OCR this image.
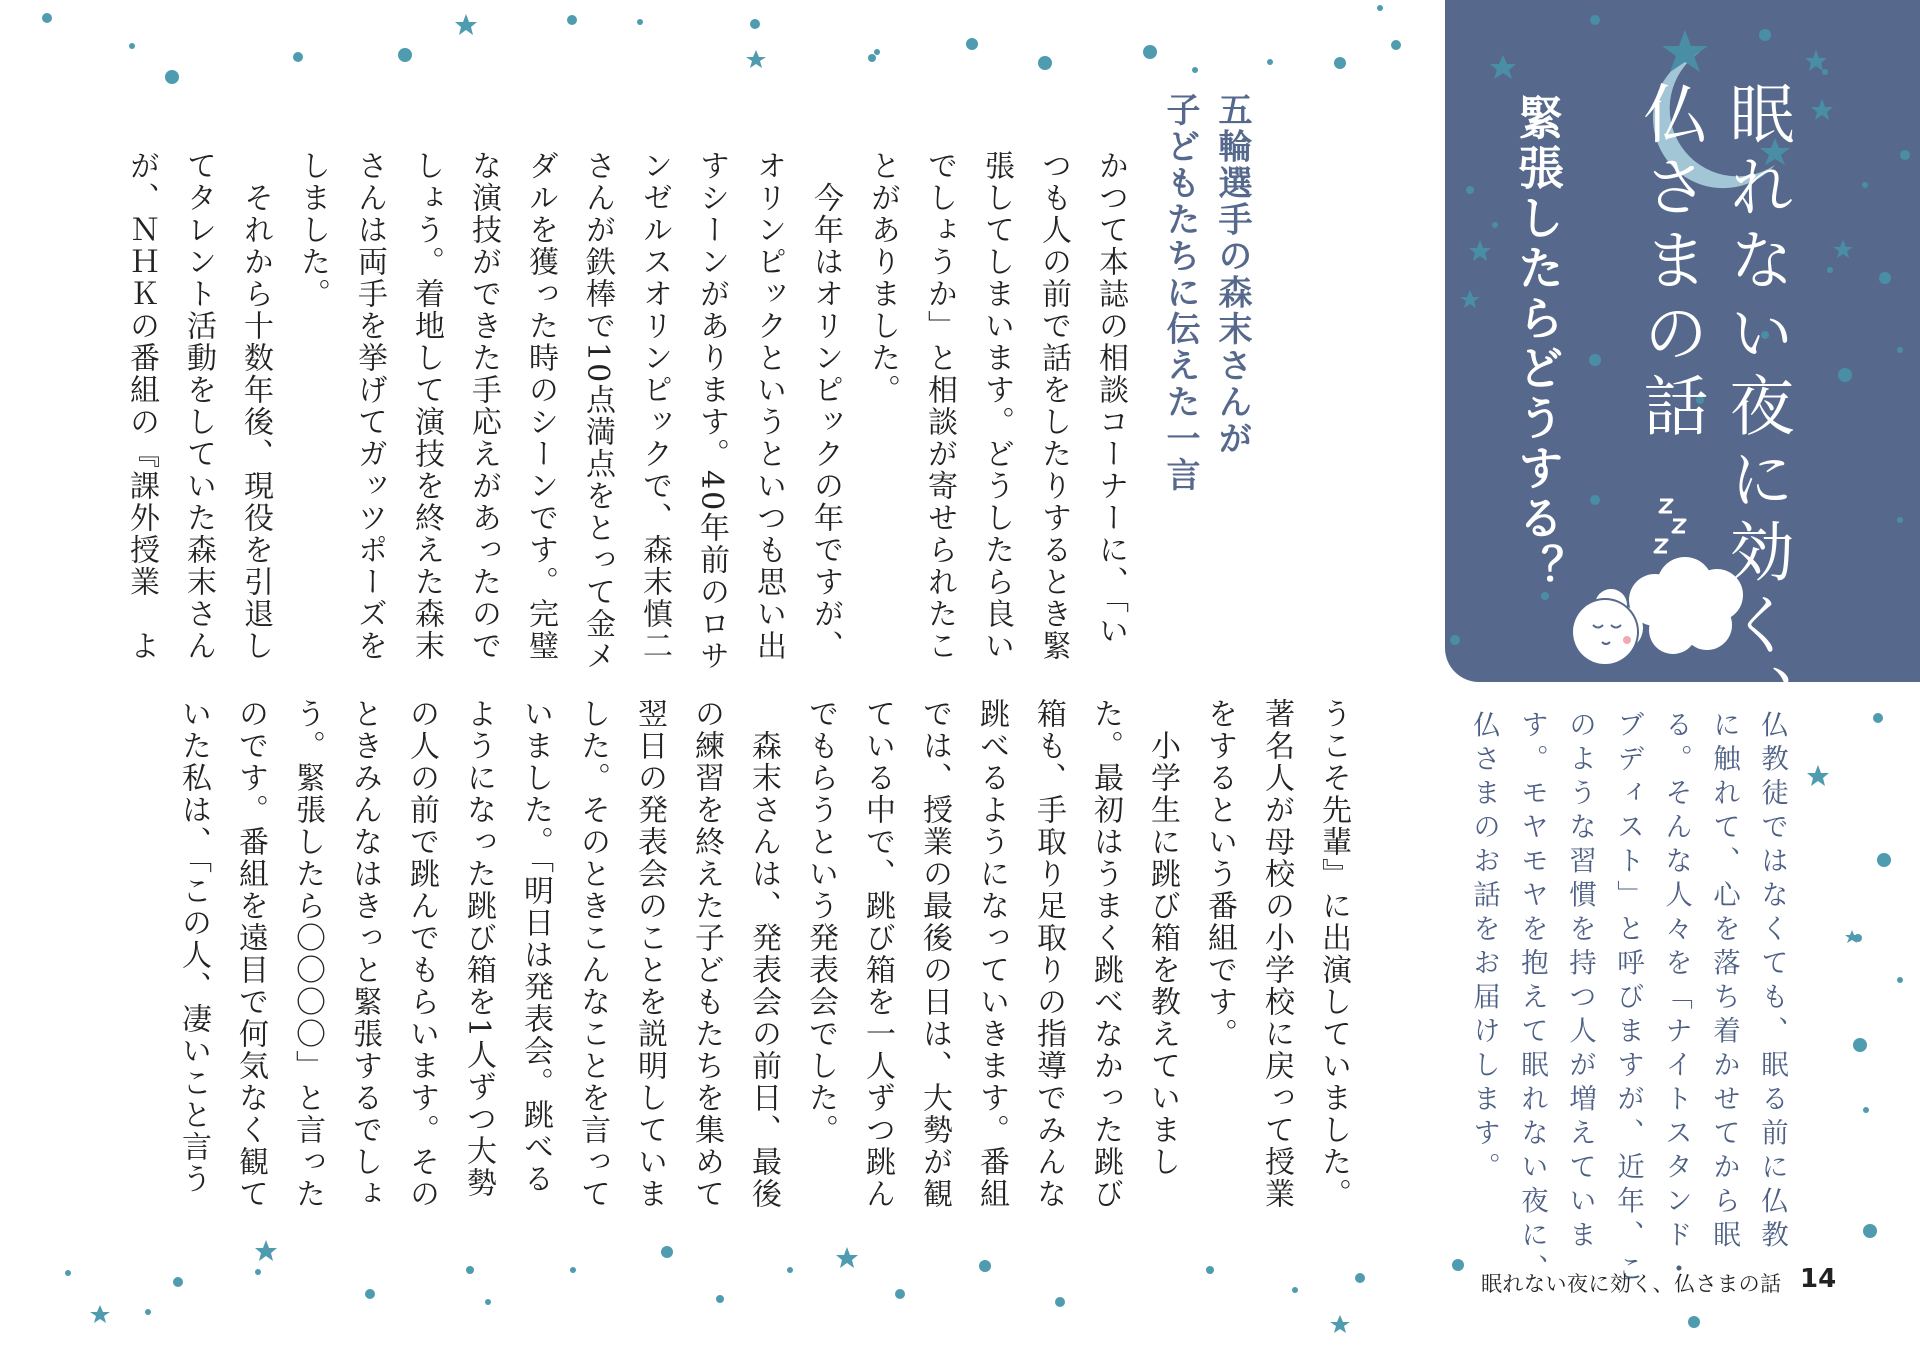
眠れない夜に効く、
仏さまの話
緊張したらどうする？
仏教徒ではなくても、眠る前に仏教
に触れて、心を落ち着かせてから眠
る。そんな人々を「ナイトスタンド・
ブディスト」と呼びますが、近年、こ
のような習慣を持つ人が増えていま
す。モヤモヤを抱えて眠れない夜に、
仏さまのお話をお届けします。
五輪選手の森末さんが
子どもたちに伝えた一言
かつて本誌の相談コーナーに、「い
つも人の前で話をしたりするとき緊
張してしまいます。どうしたら良い
でしょうか」と相談が寄せられたこ
とがありました。
　今年はオリンピックの年ですが、
オリンピックというといつも思い出
すシーンがあります。40年前のロサ
ンゼルスオリンピックで、森末慎二
さんが鉄棒で10点満点をとって金メ
ダルを獲った時のシーンです。完璧
な演技ができた手応えがあったので
しょう。着地して演技を終えた森末
さんは両手を挙げてガッツポーズを
しました。
　それから十数年後、現役を引退し
てタレント活動をしていた森末さん
が、ＮＨＫの番組の『課外授業　よ
うこそ先輩』に出演していました。
著名人が母校の小学校に戻って授業
をするという番組です。
　小学生に跳び箱を教えていまし
た。最初はうまく跳べなかった跳び
箱も、手取り足取りの指導でみんな
跳べるようになっていきます。番組
では、授業の最後の日は、大勢が観
ている中で、跳び箱を一人ずつ跳ん
でもらうという発表会でした。
　森末さんは、発表会の前日、最後
の練習を終えた子どもたちを集めて
翌日の発表会のことを説明していま
した。そのときこんなことを言って
いました。「明日は発表会。跳べる
ようになった跳び箱を1人ずつ大勢
の人の前で跳んでもらいます。その
ときみんなはきっと緊張するでしょ
う。緊張したら〇〇〇〇」と言った
のです。番組を遠目で何気なく観て
いた私は、「この人、凄いこと言う
眠れない夜に効く、仏さまの話 14
